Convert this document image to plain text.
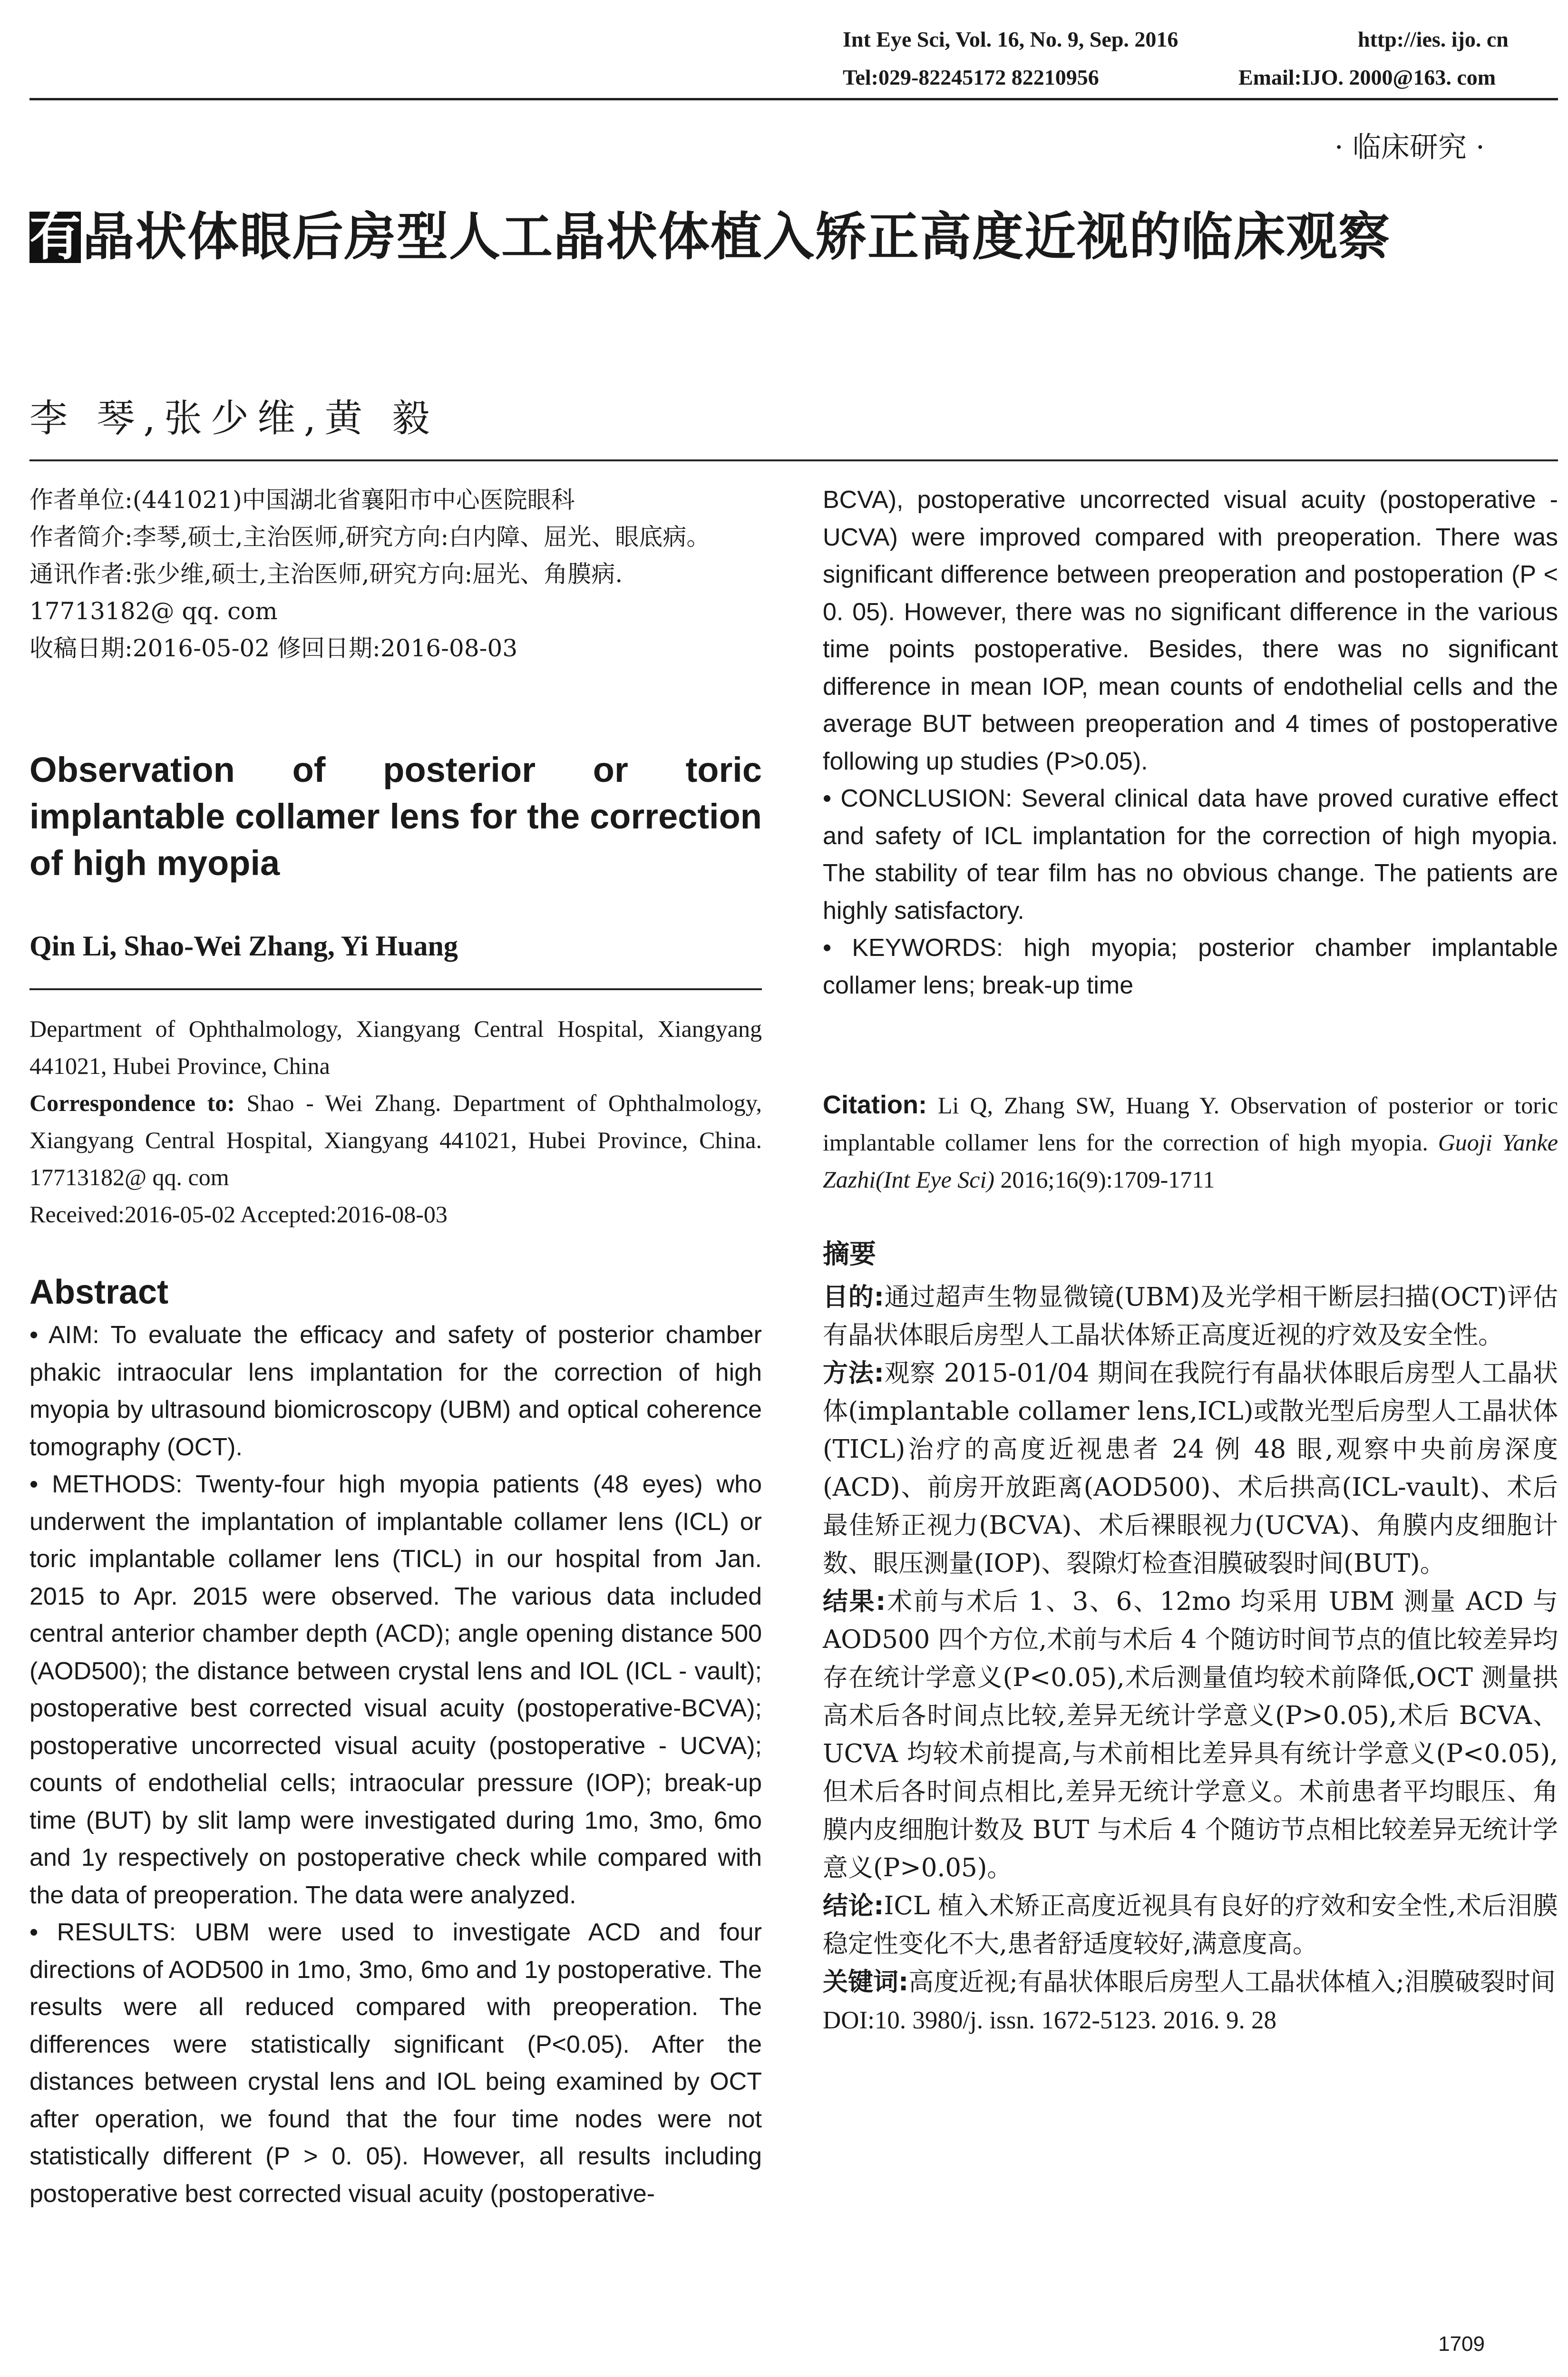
Int Eye Sci, Vol. 16, No. 9, Sep. 2016	http://ies. ijo. cn
Tel:029-82245172 82210956	Email:IJO. 2000@163. com
· 临床研究 ·
有晶状体眼后房型人工晶状体植入矫正高度近视的临床观察
李 琴,张少维,黄 毅

作者单位:(441021)中国湖北省襄阳市中心医院眼科

作者简介:李琴,硕士,主治医师,研究方向:白内障、屈光、眼底病。

通讯作者:张少维,硕士,主治医师,研究方向:屈光、角膜病. 17713182@ qq. com

收稿日期:2016-05-02 修回日期:2016-08-03

Observation of posterior or toric implantable collamer lens for the correction of high myopia
Qin Li, Shao-Wei Zhang, Yi Huang

Department of Ophthalmology, Xiangyang Central Hospital, Xiangyang 441021, Hubei Province, China

Correspondence to: Shao - Wei Zhang. Department of Ophthalmology, Xiangyang Central Hospital, Xiangyang 441021, Hubei Province, China. 17713182@ qq. com

Received:2016-05-02 Accepted:2016-08-03

Abstract

• AIM: To evaluate the efficacy and safety of posterior chamber phakic intraocular lens implantation for the correction of high myopia by ultrasound biomicroscopy (UBM) and optical coherence tomography (OCT).

• METHODS: Twenty-four high myopia patients (48 eyes) who underwent the implantation of implantable collamer lens (ICL) or toric implantable collamer lens (TICL) in our hospital from Jan. 2015 to Apr. 2015 were observed. The various data included central anterior chamber depth (ACD); angle opening distance 500 (AOD500); the distance between crystal lens and IOL (ICL - vault); postoperative best corrected visual acuity (postoperative-BCVA); postoperative uncorrected visual acuity (postoperative - UCVA); counts of endothelial cells; intraocular pressure (IOP); break-up time (BUT) by slit lamp were investigated during 1mo, 3mo, 6mo and 1y respectively on postoperative check while compared with the data of preoperation. The data were analyzed.

• RESULTS: UBM were used to investigate ACD and four directions of AOD500 in 1mo, 3mo, 6mo and 1y postoperative. The results were all reduced compared with preoperation. The differences were statistically significant (P<0.05). After the distances between crystal lens and IOL being examined by OCT after operation, we found that the four time nodes were not statistically different (P > 0. 05). However, all results including postoperative best corrected visual acuity (postoperative-

BCVA), postoperative uncorrected visual acuity (postoperative - UCVA) were improved compared with preoperation. There was significant difference between preoperation and postoperation (P < 0. 05). However, there was no significant difference in the various time points postoperative. Besides, there was no significant difference in mean IOP, mean counts of endothelial cells and the average BUT between preoperation and 4 times of postoperative following up studies (P>0.05).

• CONCLUSION: Several clinical data have proved curative effect and safety of ICL implantation for the correction of high myopia. The stability of tear film has no obvious change. The patients are highly satisfactory.

• KEYWORDS: high myopia; posterior chamber implantable collamer lens; break-up time

Citation: Li Q, Zhang SW, Huang Y. Observation of posterior or toric implantable collamer lens for the correction of high myopia. Guoji Yanke Zazhi(Int Eye Sci) 2016;16(9):1709-1711
摘要

目的:通过超声生物显微镜(UBM)及光学相干断层扫描(OCT)评估有晶状体眼后房型人工晶状体矫正高度近视的疗效及安全性。

方法:观察 2015-01/04 期间在我院行有晶状体眼后房型人工晶状体(implantable collamer lens,ICL)或散光型后房型人工晶状体(TICL)治疗的高度近视患者 24 例 48 眼,观察中央前房深度(ACD)、前房开放距离(AOD500)、术后拱高(ICL-vault)、术后最佳矫正视力(BCVA)、术后裸眼视力(UCVA)、角膜内皮细胞计数、眼压测量(IOP)、裂隙灯检查泪膜破裂时间(BUT)。

结果:术前与术后 1、3、6、12mo 均采用 UBM 测量 ACD 与 AOD500 四个方位,术前与术后 4 个随访时间节点的值比较差异均存在统计学意义(P<0.05),术后测量值均较术前降低,OCT 测量拱高术后各时间点比较,差异无统计学意义(P>0.05),术后 BCVA、UCVA 均较术前提高,与术前相比差异具有统计学意义(P<0.05),但术后各时间点相比,差异无统计学意义。术前患者平均眼压、角膜内皮细胞计数及 BUT 与术后 4 个随访节点相比较差异无统计学意义(P>0.05)。

结论:ICL 植入术矫正高度近视具有良好的疗效和安全性,术后泪膜稳定性变化不大,患者舒适度较好,满意度高。

关键词:高度近视;有晶状体眼后房型人工晶状体植入;泪膜破裂时间

DOI:10. 3980/j. issn. 1672-5123. 2016. 9. 28

1709
